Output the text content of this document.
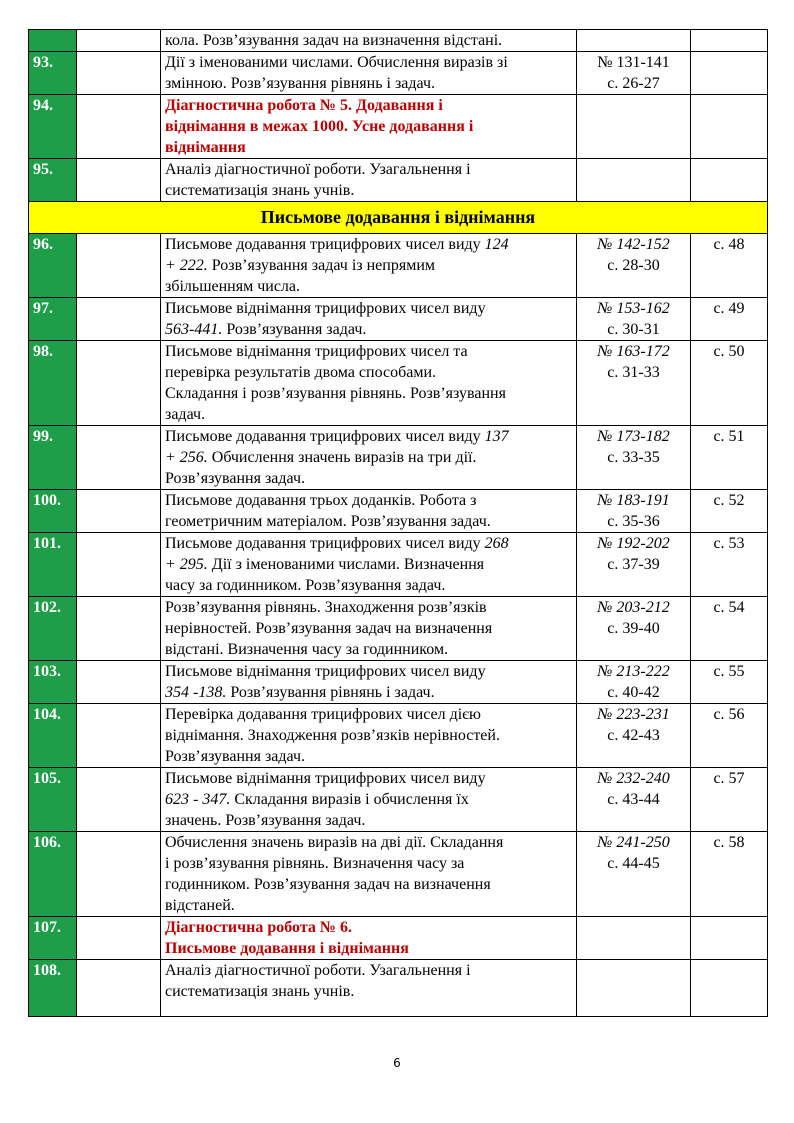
		кола. Розв’язування задач на визначення відстані.		

93.		Дії з іменованими числами. Обчислення виразів зі
змінною. Розв’язування рівнянь і задач.	№ 131-141
с. 26-27	

94.		Діагностична робота № 5. Додавання і
віднімання в межах 1000. Усне додавання і
віднімання		

95.		Аналіз діагностичної роботи. Узагальнення і
систематизація знань учнів.		

Письмове додавання і віднімання				
96.		Письмове додавання трицифрових чисел виду 124
+ 222. Розв’язування задач із непрямим
збільшенням числа.	№ 142-152
с. 28-30	с. 48
97.		Письмове віднімання трицифрових чисел виду
563-441. Розв’язування задач.	№ 153-162
с. 30-31	с. 49
98.		Письмове віднімання трицифрових чисел та
перевірка результатів двома способами.
Складання і розв’язування рівнянь. Розв’язування
задач.	№ 163-172
с. 31-33	с. 50
99.		Письмове додавання трицифрових чисел виду 137
+ 256. Обчислення значень виразів на три дії.
Розв’язування задач.	№ 173-182
с. 33-35	с. 51
100.		Письмове додавання трьох доданків. Робота з
геометричним матеріалом. Розв’язування задач.	№ 183-191
с. 35-36	с. 52
101.		Письмове додавання трицифрових чисел виду 268
+ 295. Дії з іменованими числами. Визначення
часу за годинником. Розв’язування задач.	№ 192-202
с. 37-39	с. 53
102.		Розв’язування рівнянь. Знаходження розв’язків
нерівностей. Розв’язування задач на визначення
відстані. Визначення часу за годинником.	№ 203-212
с. 39-40	с. 54
103.		Письмове віднімання трицифрових чисел виду
354 -138. Розв’язування рівнянь і задач.	№ 213-222
с. 40-42	с. 55
104.		Перевірка додавання трицифрових чисел дією
віднімання. Знаходження розв’язків нерівностей.
Розв’язування задач.	№ 223-231
с. 42-43	с. 56
105.		Письмове віднімання трицифрових чисел виду
623 - 347. Складання виразів і обчислення їх
значень. Розв’язування задач.	№ 232-240
с. 43-44	с. 57
106.		Обчислення значень виразів на дві дії. Складання
і розв’язування рівнянь. Визначення часу за
годинником. Розв’язування задач на визначення
відстаней.	№ 241-250
с. 44-45	с. 58
107.		Діагностична робота № 6.
Письмове додавання і віднімання		

108.		Аналіз діагностичної роботи. Узагальнення і
систематизація знань учнів.		

6
